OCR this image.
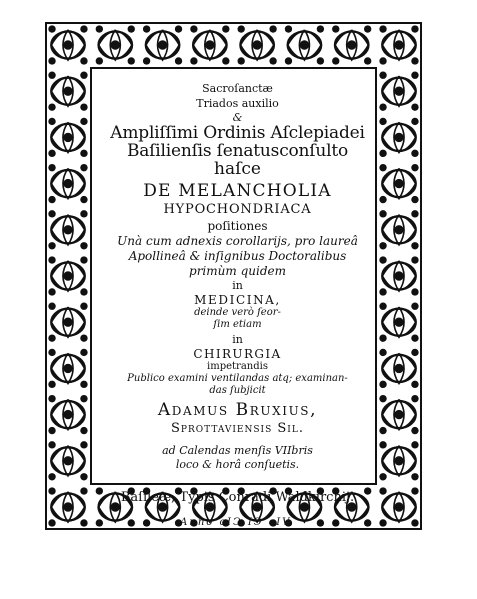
Sacroſanctæ
Triados auxilio
&
Ampliſſimi Ordinis Aſclepiadei
Baſilienſis ſenatusconſulto
haſce
DE MELANCHOLIA
HYPOCHONDRIACA
poſitiones
Unà cum adnexis corollarijs, pro laureâ
Apollineâ & inſignibus Doctoralibus
primùm quidem
in
MEDICINA,
deinde verò ſeor-
ſim etiam
in
CHIRURGIA
impetrandis
Publico examini ventilandas atq; examinan-
das ſubjicit
Adamus Bruxius,
Sprottaviensis Sil.
ad Calendas menſis VIIbris
loco & horâ conſuetis.
Baſileæ, Typis Conradi Waldkirchij.
Anno cIↃ IↃ cIV.
